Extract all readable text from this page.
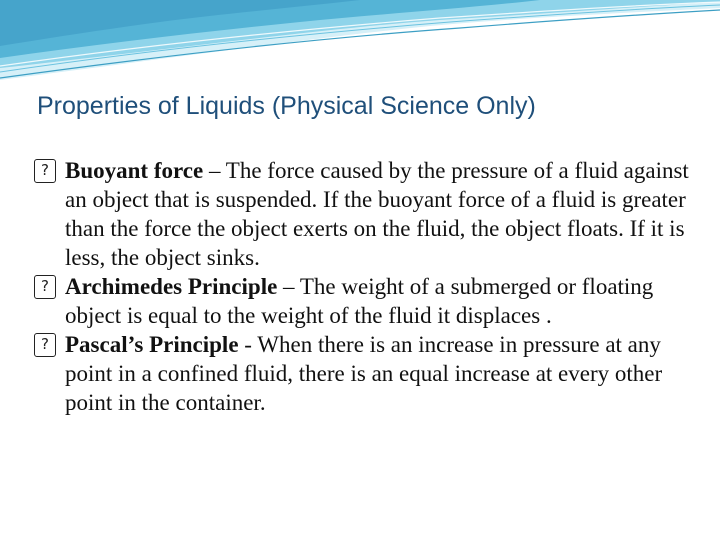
Properties of Liquids (Physical Science Only)

? Buoyant force – The force caused by the pressure of a fluid against an object that is suspended. If the buoyant force of a fluid is greater than the force the object exerts on the fluid, the object floats. If it is less, the object sinks.

? Archimedes Principle – The weight of a submerged or floating object is equal to the weight of the fluid it displaces .

? Pascal’s Principle - When there is an increase in pressure at any point in a confined fluid, there is an equal increase at every other point in the container.
